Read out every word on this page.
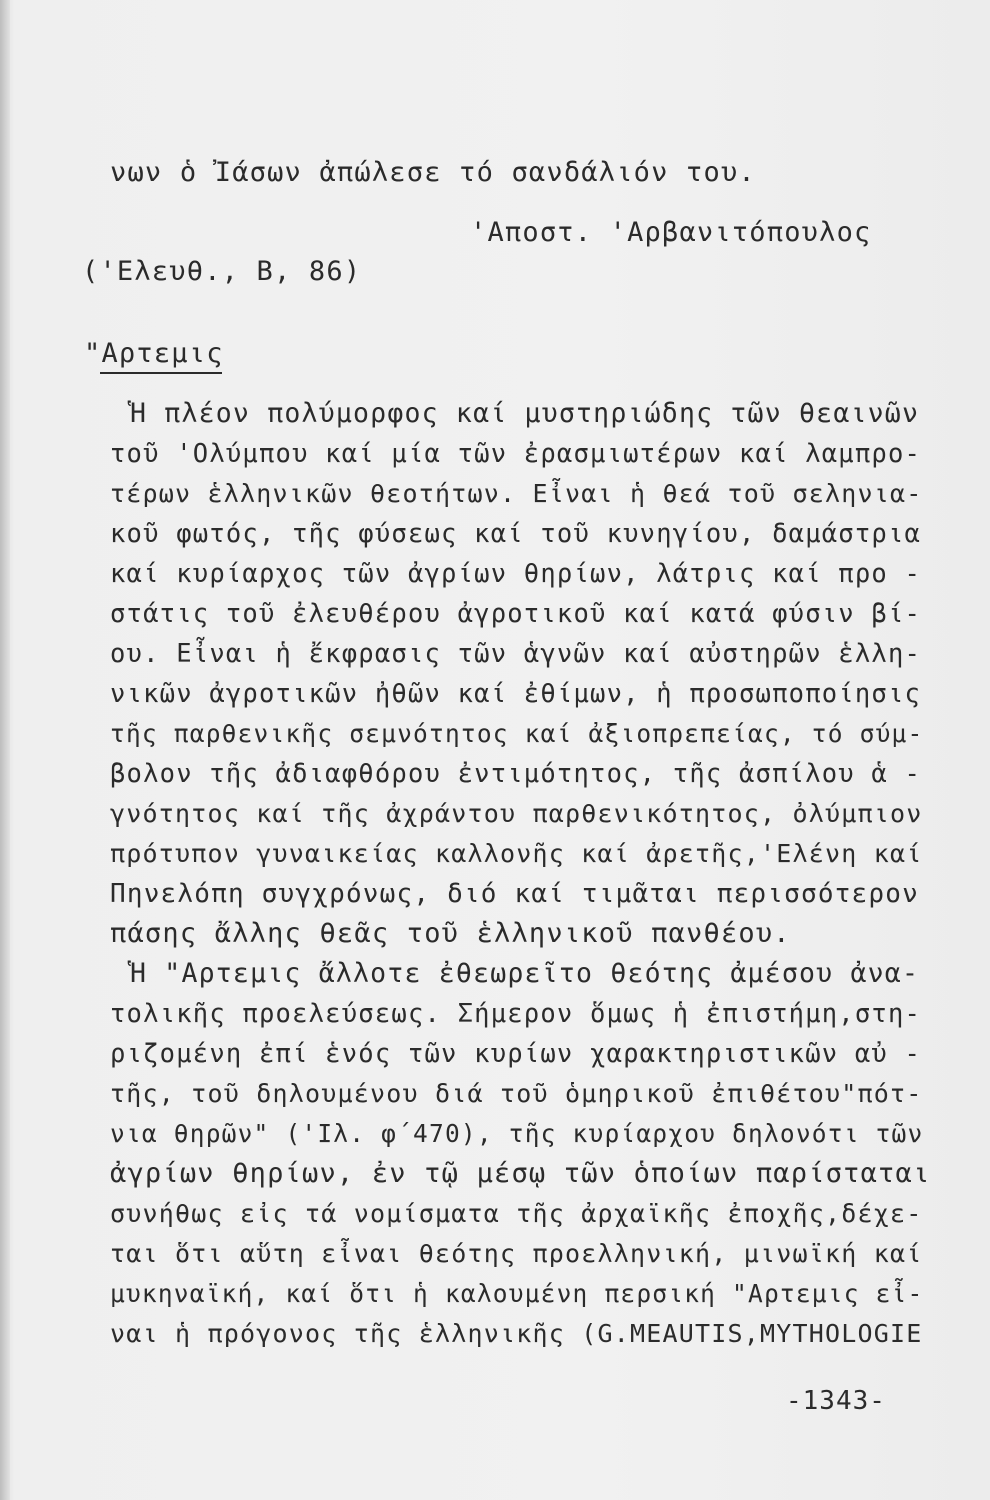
νων ὁ Ἰάσων ἀπώλεσε τό σανδάλιόν του.
'Αποστ. 'Αρβανιτόπουλος
('Ελευθ., Β, 86)
"Αρτεμις
Ἡ πλέον πολύμορφος καί μυστηριώδης τῶν θεαινῶν
τοῦ 'Ολύμπου καί μία τῶν ἐρασμιωτέρων καί λαμπρο-
τέρων ἑλληνικῶν θεοτήτων. Εἶναι ἡ θεά τοῦ σεληνια-
κοῦ φωτός, τῆς φύσεως καί τοῦ κυνηγίου, δαμάστρια
καί κυρίαρχος τῶν ἀγρίων θηρίων, λάτρις καί προ -
στάτις τοῦ ἐλευθέρου ἀγροτικοῦ καί κατά φύσιν βί-
ου. Εἶναι ἡ ἔκφρασις τῶν ἁγνῶν καί αὐστηρῶν ἑλλη-
νικῶν ἀγροτικῶν ἠθῶν καί ἐθίμων, ἡ προσωποποίησις
τῆς παρθενικῆς σεμνότητος καί ἀξιοπρεπείας, τό σύμ-
βολον τῆς ἀδιαφθόρου ἐντιμότητος, τῆς ἀσπίλου ἁ -
γνότητος καί τῆς ἀχράντου παρθενικότητος, ὀλύμπιον
πρότυπον γυναικείας καλλονῆς καί ἀρετῆς,'Ελένη καί
Πηνελόπη συγχρόνως, διό καί τιμᾶται περισσότερον
πάσης ἄλλης θεᾶς τοῦ ἑλληνικοῦ πανθέου.
Ἡ "Αρτεμις ἄλλοτε ἐθεωρεῖτο θεότης ἀμέσου ἀνα-
τολικῆς προελεύσεως. Σήμερον ὅμως ἡ ἐπιστήμη,στη-
ριζομένη ἐπί ἑνός τῶν κυρίων χαρακτηριστικῶν αὐ -
τῆς, τοῦ δηλουμένου διά τοῦ ὁμηρικοῦ ἐπιθέτου"πότ-
νια θηρῶν" ('Ιλ. φ΄470), τῆς κυρίαρχου δηλονότι τῶν
ἀγρίων θηρίων, ἐν τῷ μέσῳ τῶν ὁποίων παρίσταται
συνήθως εἰς τά νομίσματα τῆς ἀρχαϊκῆς ἐποχῆς,δέχε-
ται ὅτι αὕτη εἶναι θεότης προελληνική, μινωϊκή καί
μυκηναϊκή, καί ὅτι ἡ καλουμένη περσική "Αρτεμις εἶ-
ναι ἡ πρόγονος τῆς ἑλληνικῆς (G.MEAUTIS,MYTHOLOGIE
-1343-
